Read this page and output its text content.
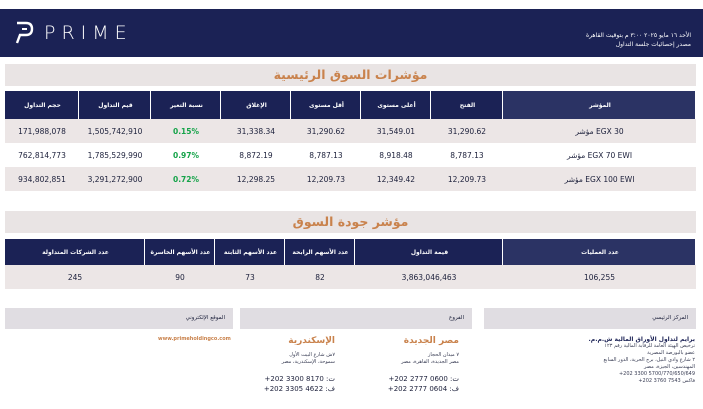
PRIME	الأحد ١٦ مايو ٢٠٢٥ ٣:٠٠ م بتوقيت القاهرة
مصدر إحصائيات جلسة التداول
مؤشرات السوق الرئيسية
حجم التداول	قيم التداول	نسبة التغير	الإغلاق	أقل مستوى	أعلى مستوى	الفتح	المؤشر
171,988,078	1,505,742,910	0.15%	31,338.34	31,290.62	31,549.01	31,290.62	مؤشر EGX 30
762,814,773	1,785,529,990	0.97%	8,872.19	8,787.13	8,918.48	8,787.13	مؤشر EGX 70 EWI
934,802,851	3,291,272,900	0.72%	12,298.25	12,209.73	12,349.42	12,209.73	مؤشر EGX 100 EWI
مؤشر جودة السوق
عدد الشركات المتداولة	عدد الأسهم الخاسرة	عدد الأسهم الثابتة	عدد الأسهم الرابحة	قيمة التداول	عدد العمليات
245	90	73	82	3,863,046,463	106,255
الموقع الإلكتروني	الفروع	المركز الرئيسي
www.primeholdingco.com	الإسكندرية
٧ش شارع البيت الأول
سموحة، الإسكندرية، مصر
+202 3300 8170 :ت
+202 3305 4622 :ف
مصر الجديدة
٧ ميدان الحجاز
مصر الجديدة، القاهرة، مصر
+202 2777 0600 :ت
+202 2777 0604 :ف
برايم لتداول الأوراق المالية ش.م.م.
ترخيص الهيئة العامة للرقابة المالية رقم ١٢٣
عضو بالبورصة المصرية
٢ شارع وادي النيل، برج الحرية، الدور السابع
المهندسين، الجيزة، مصر
+202 3300 5700/770/650/649
فاكس 7543 3760 202+
